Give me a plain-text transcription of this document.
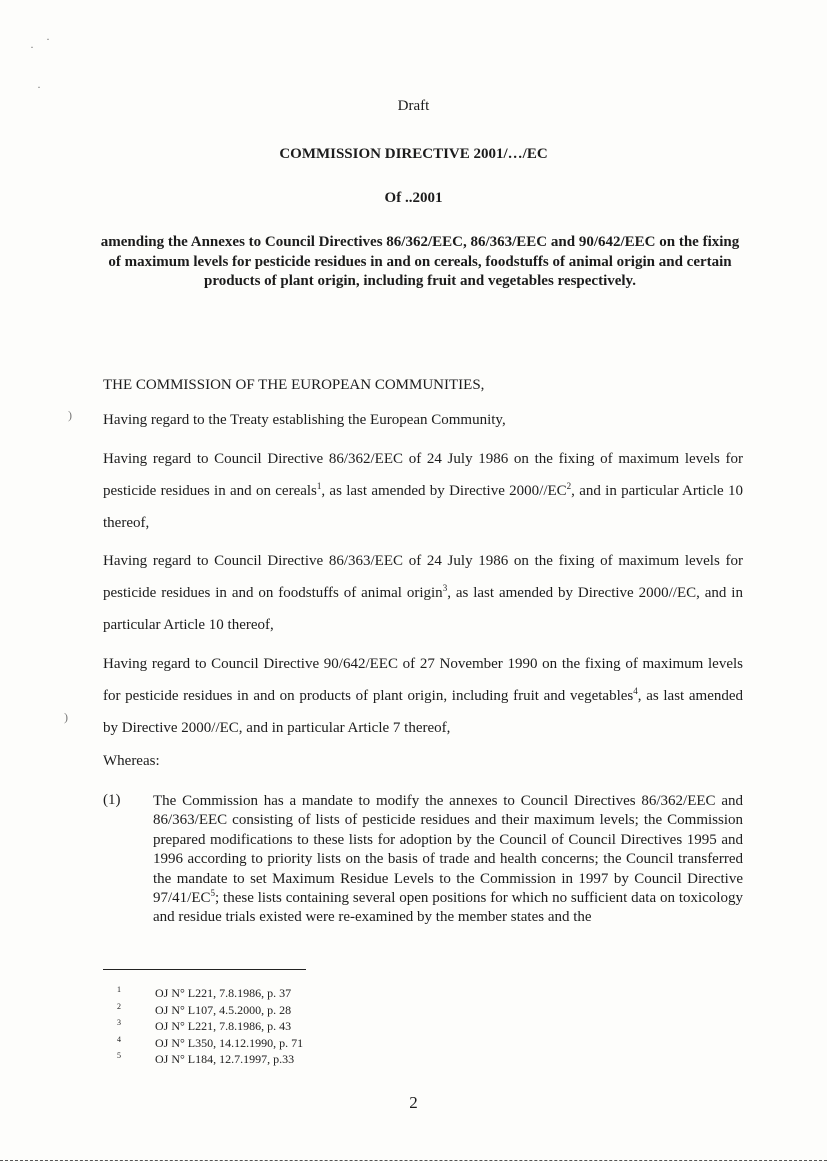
·
·
·
)
)
Draft
COMMISSION DIRECTIVE 2001/…/EC
Of ..2001
amending the Annexes to Council Directives 86/362/EEC, 86/363/EEC and 90/642/EEC on the fixing of maximum levels for pesticide residues in and on cereals, foodstuffs of animal origin and certain products of plant origin, including fruit and vegetables respectively.

THE COMMISSION OF THE EUROPEAN COMMUNITIES,

Having regard to the Treaty establishing the European Community,

Having regard to Council Directive 86/362/EEC of 24 July 1986 on the fixing of maximum levels for pesticide residues in and on cereals$^1$, as last amended by Directive $2000//EC^2$, and in particular Article 10 thereof,

Having regard to Council Directive 86/363/EEC of 24 July 1986 on the fixing of maximum levels for pesticide residues in and on foodstuffs of animal origin$^3$, as last amended by Directive 2000//EC, and in particular Article 10 thereof,

Having regard to Council Directive 90/642/EEC of 27 November 1990 on the fixing of maximum levels for pesticide residues in and on products of plant origin, including fruit and vegetables$^4$, as last amended by Directive 2000//EC, and in particular Article 7 thereof,

Whereas:

(1) The Commission has a mandate to modify the annexes to Council Directives 86/362/EEC and 86/363/EEC consisting of lists of pesticide residues and their maximum levels; the Commission prepared modifications to these lists for adoption by the Council of Council Directives 1995 and 1996 according to priority lists on the basis of trade and health concerns; the Council transferred the mandate to set Maximum Residue Levels to the Commission in 1997 by Council Directive $97/41/EC^5$; these lists containing several open positions for which no sufficient data on toxicology and residue trials existed were re-examined by the member states and the

1	OJ N° L221, 7.8.1986, p. 37
2	OJ N° L107, 4.5.2000, p. 28
3	OJ N° L221, 7.8.1986, p. 43
4	OJ N° L350, 14.12.1990, p. 71
5	OJ N° L184, 12.7.1997, p.33
2
